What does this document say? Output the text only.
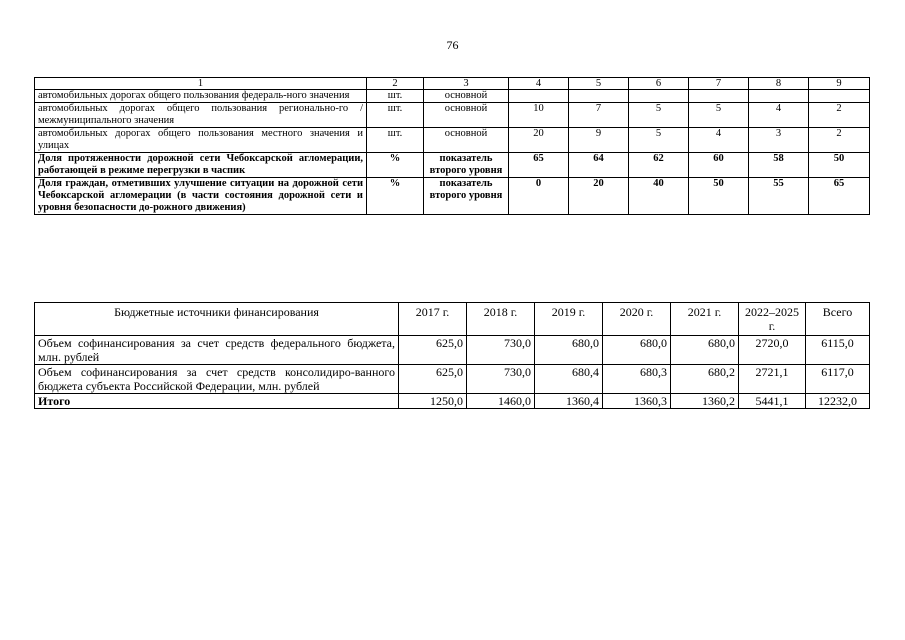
76
1	2	3	4	5	6	7	8	9
автомобильных дорогах общего пользования федераль-ного значения	шт.	основной						
автомобильных дорогах общего пользования регионально-го / межмуниципального значения	шт.	основной	10	7	5	5	4	2
автомобильных дорогах общего пользования местного значения и улицах	шт.	основной	20	9	5	4	3	2
Доля протяженности дорожной сети Чебоксарской агломерации, работающей в режиме перегрузки в часпик	%	показатель второго уровня	65	64	62	60	58	50
Доля граждан, отметивших улучшение ситуации на дорожной сети Чебоксарской агломерации (в части состояния дорожной сети и уровня безопасности до-рожного движения)	%	показатель второго уровня	0	20	40	50	55	65
Бюджетные источники финансирования	2017 г.	2018 г.	2019 г.	2020 г.	2021 г.	2022–2025 г.	Всего
Объем софинансирования за счет средств федерального бюджета, млн. рублей	625,0	730,0	680,0	680,0	680,0	2720,0	6115,0
Объем софинансирования за счет средств консолидиро-ванного бюджета субъекта Российской Федерации, млн. рублей	625,0	730,0	680,4	680,3	680,2	2721,1	6117,0
Итого	1250,0	1460,0	1360,4	1360,3	1360,2	5441,1	12232,0
